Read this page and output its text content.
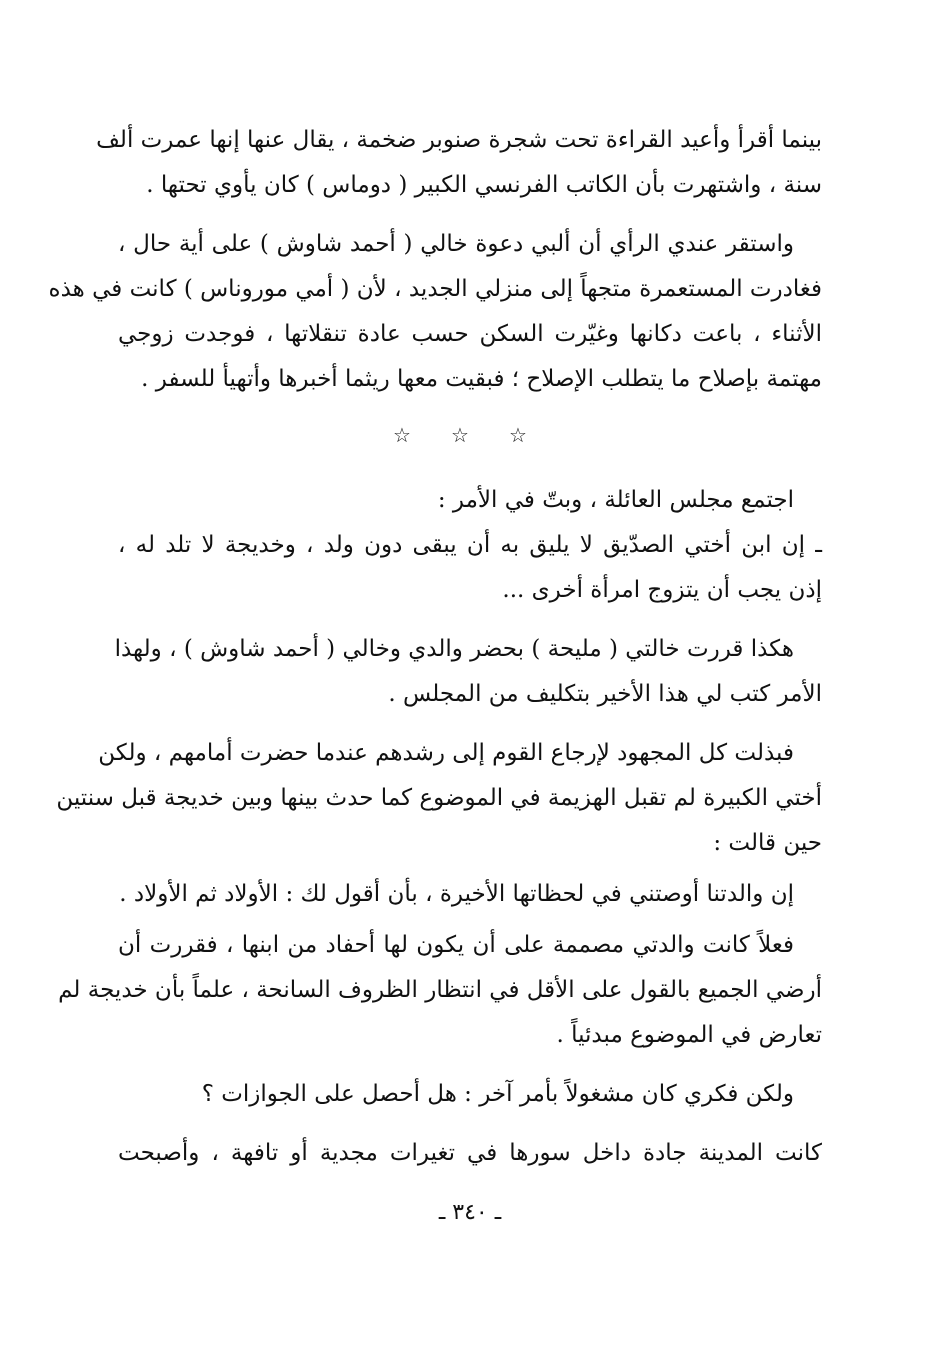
بينما أقرأ وأعيد القراءة تحت شجرة صنوبر ضخمة ، يقال عنها إنها عمرت ألف
سنة ، واشتهرت بأن الكاتب الفرنسي الكبير ( دوماس ) كان يأوي تحتها .

واستقر عندي الرأي أن ألبي دعوة خالي ( أحمد شاوش ) على أية حال ،

فغادرت المستعمرة متجهاً إلى منزلي الجديد ، لأن ( أمي موروناس ) كانت في هذه
الأثناء ، باعت دكانها وغيّرت السكن حسب عادة تنقلاتها ، فوجدت زوجي
مهتمة بإصلاح ما يتطلب الإصلاح ؛ فبقيت معها ريثما أخبرها وأتهيأ للسفر .

☆ ☆ ☆

اجتمع مجلس العائلة ، وبتّ في الأمر :

ـ إن ابن أختي الصدّيق لا يليق به أن يبقى دون ولد ، وخديجة لا تلد له ،
إذن يجب أن يتزوج امرأة أخرى ...

هكذا قررت خالتي ( مليحة ) بحضر والدي وخالي ( أحمد شاوش ) ، ولهذا

الأمر كتب لي هذا الأخير بتكليف من المجلس .

فبذلت كل المجهود لإرجاع القوم إلى رشدهم عندما حضرت أمامهم ، ولكن

أختي الكبيرة لم تقبل الهزيمة في الموضوع كما حدث بينها وبين خديجة قبل سنتين
حين قالت :

إن والدتنا أوصتني في لحظاتها الأخيرة ، بأن أقول لك : الأولاد ثم الأولاد .

فعلاً كانت والدتي مصممة على أن يكون لها أحفاد من ابنها ، فقررت أن

أرضي الجميع بالقول على الأقل في انتظار الظروف السانحة ، علماً بأن خديجة لم
تعارض في الموضوع مبدئياً .

ولكن فكري كان مشغولاً بأمر آخر : هل أحصل على الجوازات ؟

كانت المدينة جادة داخل سورها في تغيرات مجدية أو تافهة ، وأصبحت

ـ ٣٤٠ ـ
